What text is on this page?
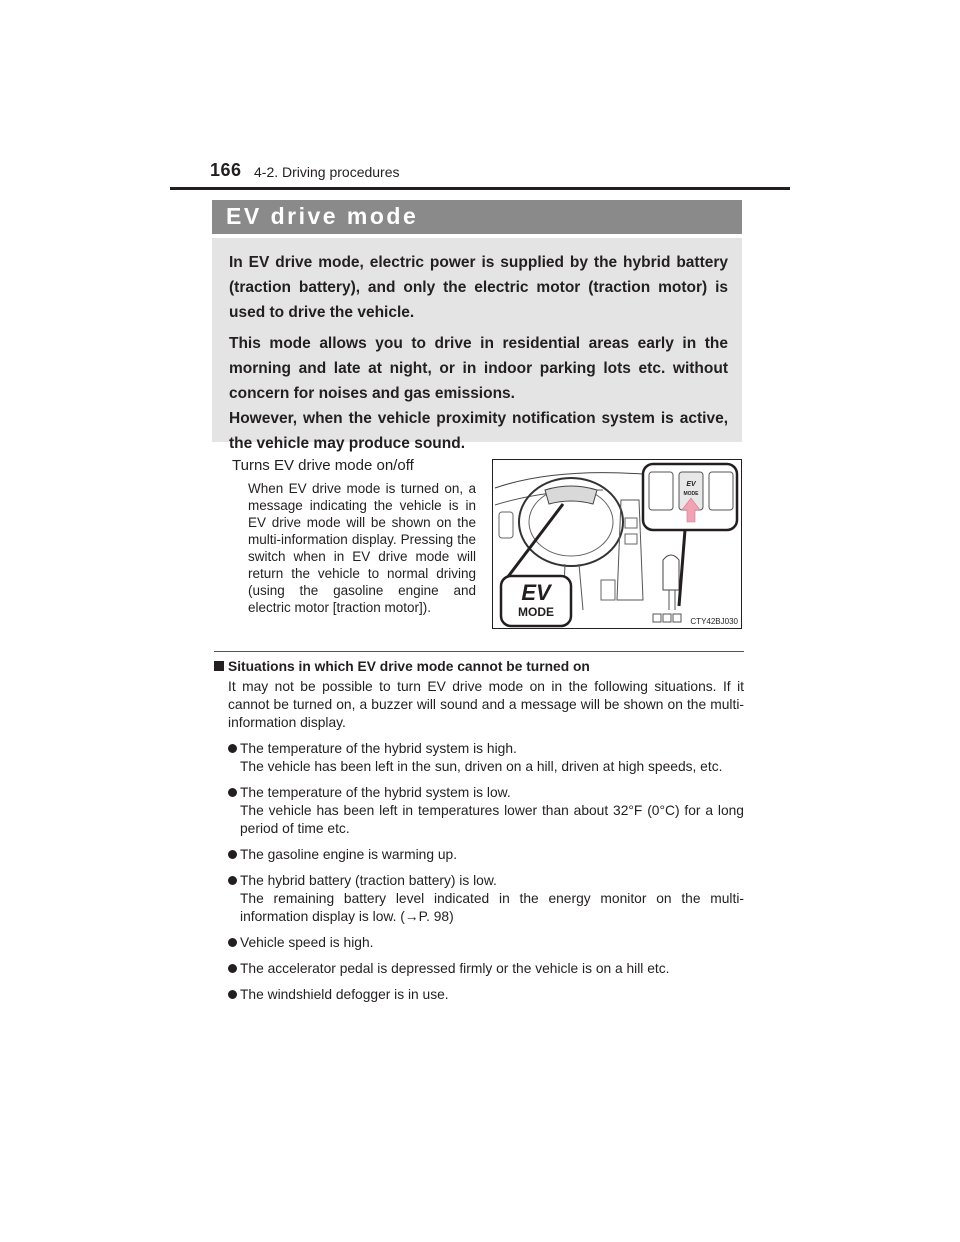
166 4-2. Driving procedures
EV drive mode

In EV drive mode, electric power is supplied by the hybrid battery (traction battery), and only the electric motor (traction motor) is used to drive the vehicle.

This mode allows you to drive in residential areas early in the morning and late at night, or in indoor parking lots etc. without concern for noises and gas emissions.

However, when the vehicle proximity notification system is active, the vehicle may produce sound.

Turns EV drive mode on/off
When EV drive mode is turned on, a message indicating the vehicle is in EV drive mode will be shown on the multi-information display. Pressing the switch when in EV drive mode will return the vehicle to normal driving (using the gasoline engine and electric motor [traction motor]).
EV
MODE
EV
MODE
CTY42BJ030

Situations in which EV drive mode cannot be turned on

It may not be possible to turn EV drive mode on in the following situations. If it cannot be turned on, a buzzer will sound and a message will be shown on the multi-information display.

The temperature of the hybrid system is high.
The vehicle has been left in the sun, driven on a hill, driven at high speeds, etc.
The temperature of the hybrid system is low.
The vehicle has been left in temperatures lower than about 32°F (0°C) for a long period of time etc.
The gasoline engine is warming up.
The hybrid battery (traction battery) is low.
The remaining battery level indicated in the energy monitor on the multi-information display is low. (→P. 98)
Vehicle speed is high.
The accelerator pedal is depressed firmly or the vehicle is on a hill etc.
The windshield defogger is in use.
